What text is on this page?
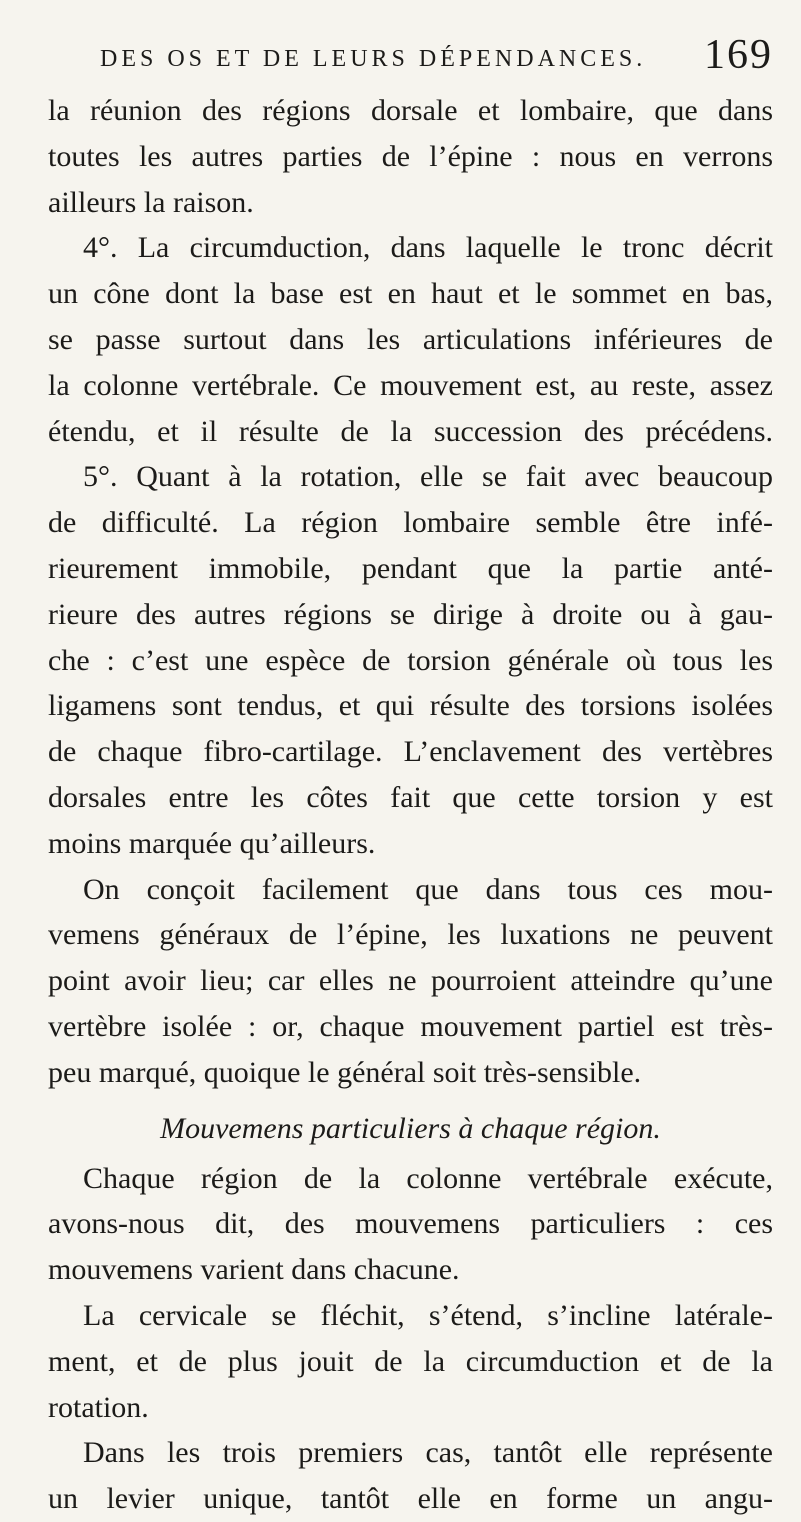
DES OS ET DE LEURS DÉPENDANCES. 169
la réunion des régions dorsale et lombaire, que dans
toutes les autres parties de l’épine : nous en verrons
ailleurs la raison.
4°. La circumduction, dans laquelle le tronc décrit
un cône dont la base est en haut et le sommet en bas,
se passe surtout dans les articulations inférieures de
la colonne vertébrale. Ce mouvement est, au reste, assez
étendu, et il résulte de la succession des précédens.
5°. Quant à la rotation, elle se fait avec beaucoup
de difficulté. La région lombaire semble être infé-
rieurement immobile, pendant que la partie anté-
rieure des autres régions se dirige à droite ou à gau-
che : c’est une espèce de torsion générale où tous les
ligamens sont tendus, et qui résulte des torsions isolées
de chaque fibro-cartilage. L’enclavement des vertèbres
dorsales entre les côtes fait que cette torsion y est
moins marquée qu’ailleurs.
On conçoit facilement que dans tous ces mou-
vemens généraux de l’épine, les luxations ne peuvent
point avoir lieu; car elles ne pourroient atteindre qu’une
vertèbre isolée : or, chaque mouvement partiel est très-
peu marqué, quoique le général soit très-sensible.
Mouvemens particuliers à chaque région.
Chaque région de la colonne vertébrale exécute,
avons-nous dit, des mouvemens particuliers : ces
mouvemens varient dans chacune.
La cervicale se fléchit, s’étend, s’incline latérale-
ment, et de plus jouit de la circumduction et de la
rotation.
Dans les trois premiers cas, tantôt elle représente
un levier unique, tantôt elle en forme un angu-
